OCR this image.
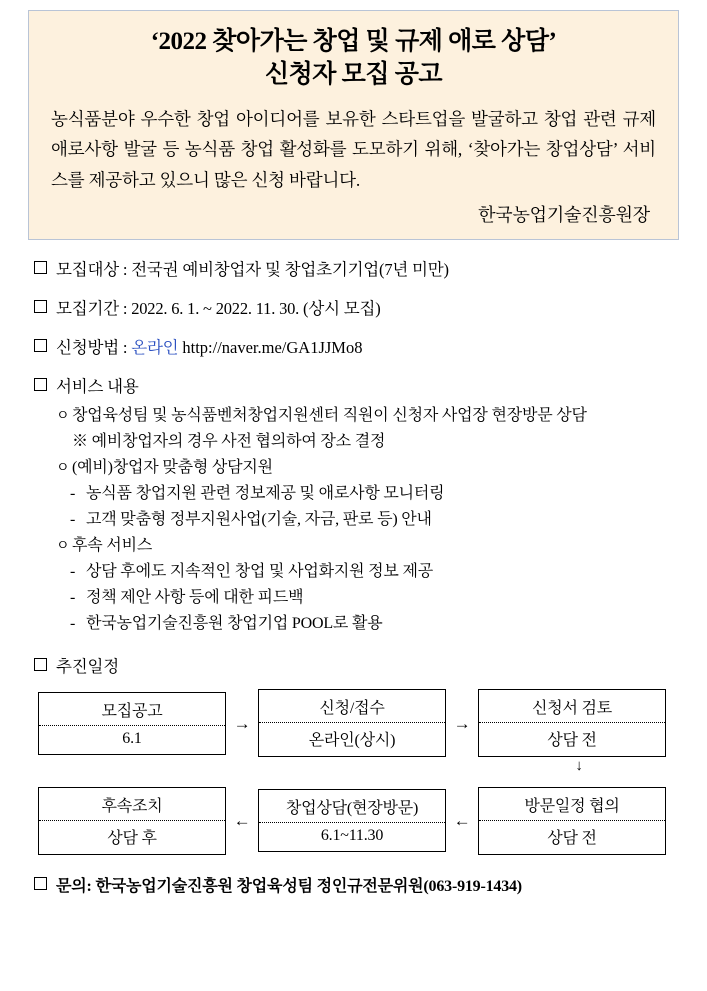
‘2022 찾아가는 창업 및 규제 애로 상담’
신청자 모집 공고
농식품분야 우수한 창업 아이디어를 보유한 스타트업을 발굴하고 창업 관련 규제 애로사항 발굴 등 농식품 창업 활성화를 도모하기 위해, ‘찾아가는 창업상담’ 서비스를 제공하고 있으니 많은 신청 바랍니다.
한국농업기술진흥원장
모집대상 : 전국권 예비창업자 및 창업초기기업(7년 미만)
모집기간 : 2022. 6. 1. ~ 2022. 11. 30. (상시 모집)
신청방법 : 온라인 http://naver.me/GA1JJMo8
서비스 내용
ㅇ 창업육성팀 및 농식품벤처창업지원센터 직원이 신청자 사업장 현장방문 상담
※ 예비창업자의 경우 사전 협의하여 장소 결정
ㅇ (예비)창업자 맞춤형 상담지원
- 농식품 창업지원 관련 정보제공 및 애로사항 모니터링
- 고객 맞춤형 정부지원사업(기술, 자금, 판로 등) 안내
ㅇ 후속 서비스
- 상담 후에도 지속적인 창업 및 사업화지원 정보 제공
- 정책 제안 사항 등에 대한 피드백
- 한국농업기술진흥원 창업기업 POOL로 활용
추진일정
모집공고
6.1
→
신청/접수
온라인(상시)
→
신청서 검토
상담 전
↓
후속조치
상담 후
←
창업상담(현장방문)
6.1~11.30
←
방문일정 협의
상담 전
문의: 한국농업기술진흥원 창업육성팀 정인규전문위원(063-919-1434)
